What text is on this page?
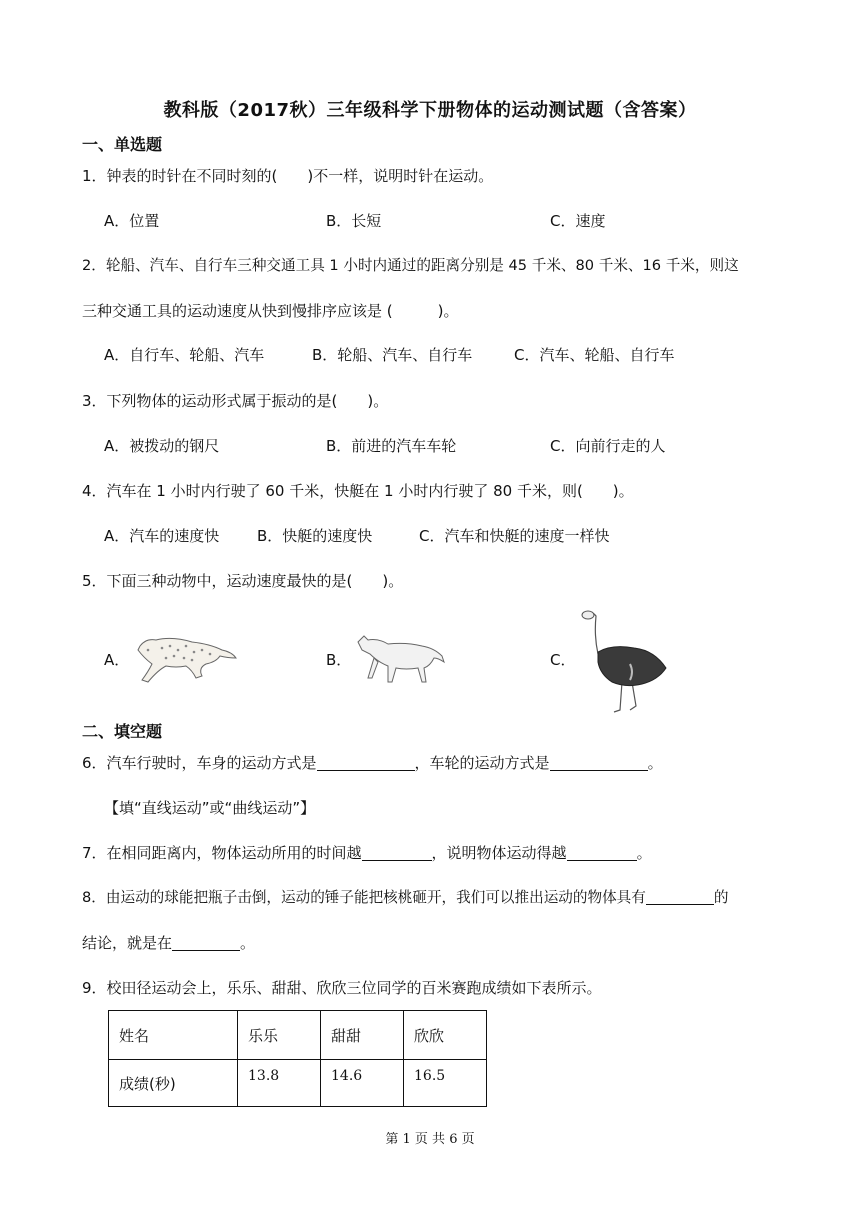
教科版（2017秋）三年级科学下册物体的运动测试题（含答案）
一、单选题
1．钟表的时针在不同时刻的(　　)不一样，说明时针在运动。
A．位置	B．长短	C．速度
2．轮船、汽车、自行车三种交通工具 1 小时内通过的距离分别是 45 千米、80 千米、16 千米，则这
三种交通工具的运动速度从快到慢排序应该是 (　　　)。
A．自行车、轮船、汽车	B．轮船、汽车、自行车	C．汽车、轮船、自行车
3．下列物体的运动形式属于振动的是(　　)。
A．被拨动的钢尺	B．前进的汽车车轮	C．向前行走的人
4．汽车在 1 小时内行驶了 60 千米，快艇在 1 小时内行驶了 80 千米，则(　　)。
A．汽车的速度快	B．快艇的速度快	C．汽车和快艇的速度一样快
5．下面三种动物中，运动速度最快的是(　　)。
A．	B．	C．
二、填空题
6．汽车行驶时，车身的运动方式是	，车轮的运动方式是	。
【填“直线运动”或“曲线运动”】
7．在相同距离内，物体运动所用的时间越	，说明物体运动得越	。
8．由运动的球能把瓶子击倒，运动的锤子能把核桃砸开，我们可以推出运动的物体具有	的
结论，就是在	。
9．校田径运动会上，乐乐、甜甜、欣欣三位同学的百米赛跑成绩如下表所示。
姓名	乐乐	甜甜	欣欣
成绩(秒)	13.8	14.6	16.5
第 1 页 共 6 页
